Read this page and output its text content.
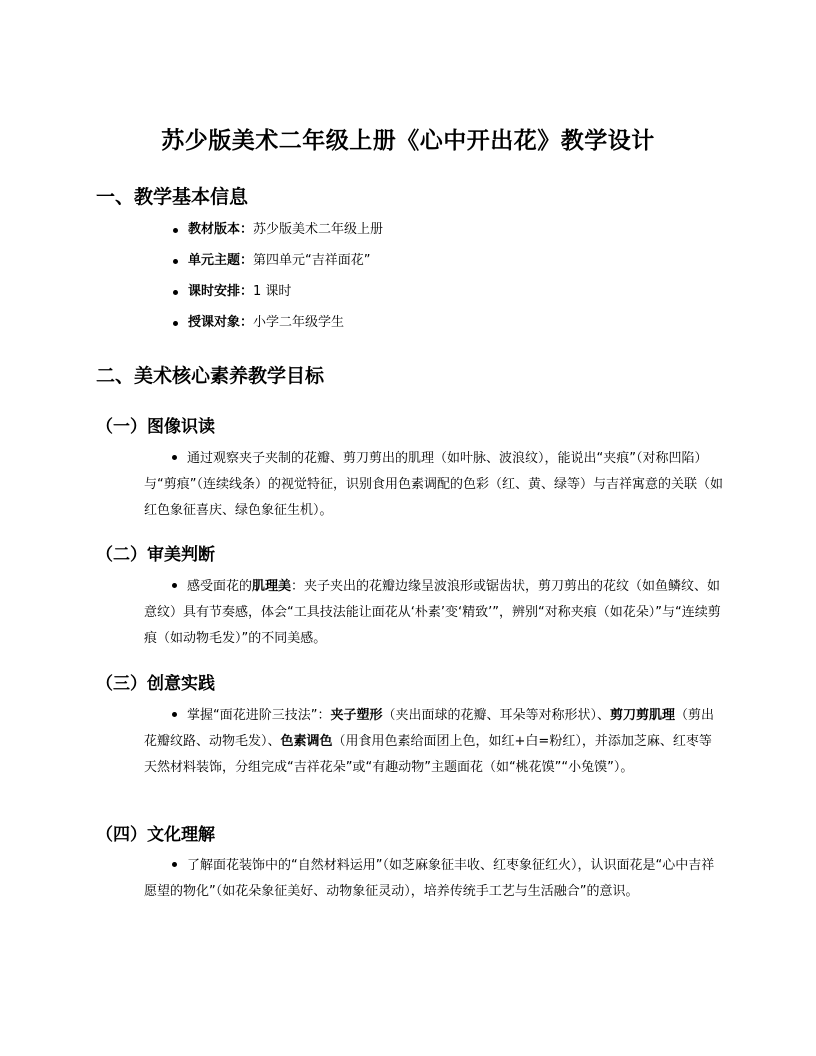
苏少版美术二年级上册《心中开出花》教学设计
一、教学基本信息
教材版本：苏少版美术二年级上册
单元主题：第四单元“吉祥面花”
课时安排：1 课时
授课对象：小学二年级学生
二、美术核心素养教学目标
（一）图像识读
通过观察夹子夹制的花瓣、剪刀剪出的肌理（如叶脉、波浪纹），能说出“夹痕”（对称凹陷）与“剪痕”（连续线条）的视觉特征，识别食用色素调配的色彩（红、黄、绿等）与吉祥寓意的关联（如红色象征喜庆、绿色象征生机）。
（二）审美判断
感受面花的肌理美：夹子夹出的花瓣边缘呈波浪形或锯齿状，剪刀剪出的花纹（如鱼鳞纹、如意纹）具有节奏感，体会“工具技法能让面花从‘朴素’变‘精致’”，辨别“对称夹痕（如花朵）”与“连续剪痕（如动物毛发）”的不同美感。
（三）创意实践
掌握“面花进阶三技法”：夹子塑形（夹出面球的花瓣、耳朵等对称形状）、剪刀剪肌理（剪出花瓣纹路、动物毛发）、色素调色（用食用色素给面团上色，如红+白=粉红），并添加芝麻、红枣等天然材料装饰，分组完成“吉祥花朵”或“有趣动物”主题面花（如“桃花馍”“小兔馍”）。
（四）文化理解
了解面花装饰中的“自然材料运用”（如芝麻象征丰收、红枣象征红火），认识面花是“心中吉祥愿望的物化”（如花朵象征美好、动物象征灵动），培养传统手工艺与生活融合”的意识。
